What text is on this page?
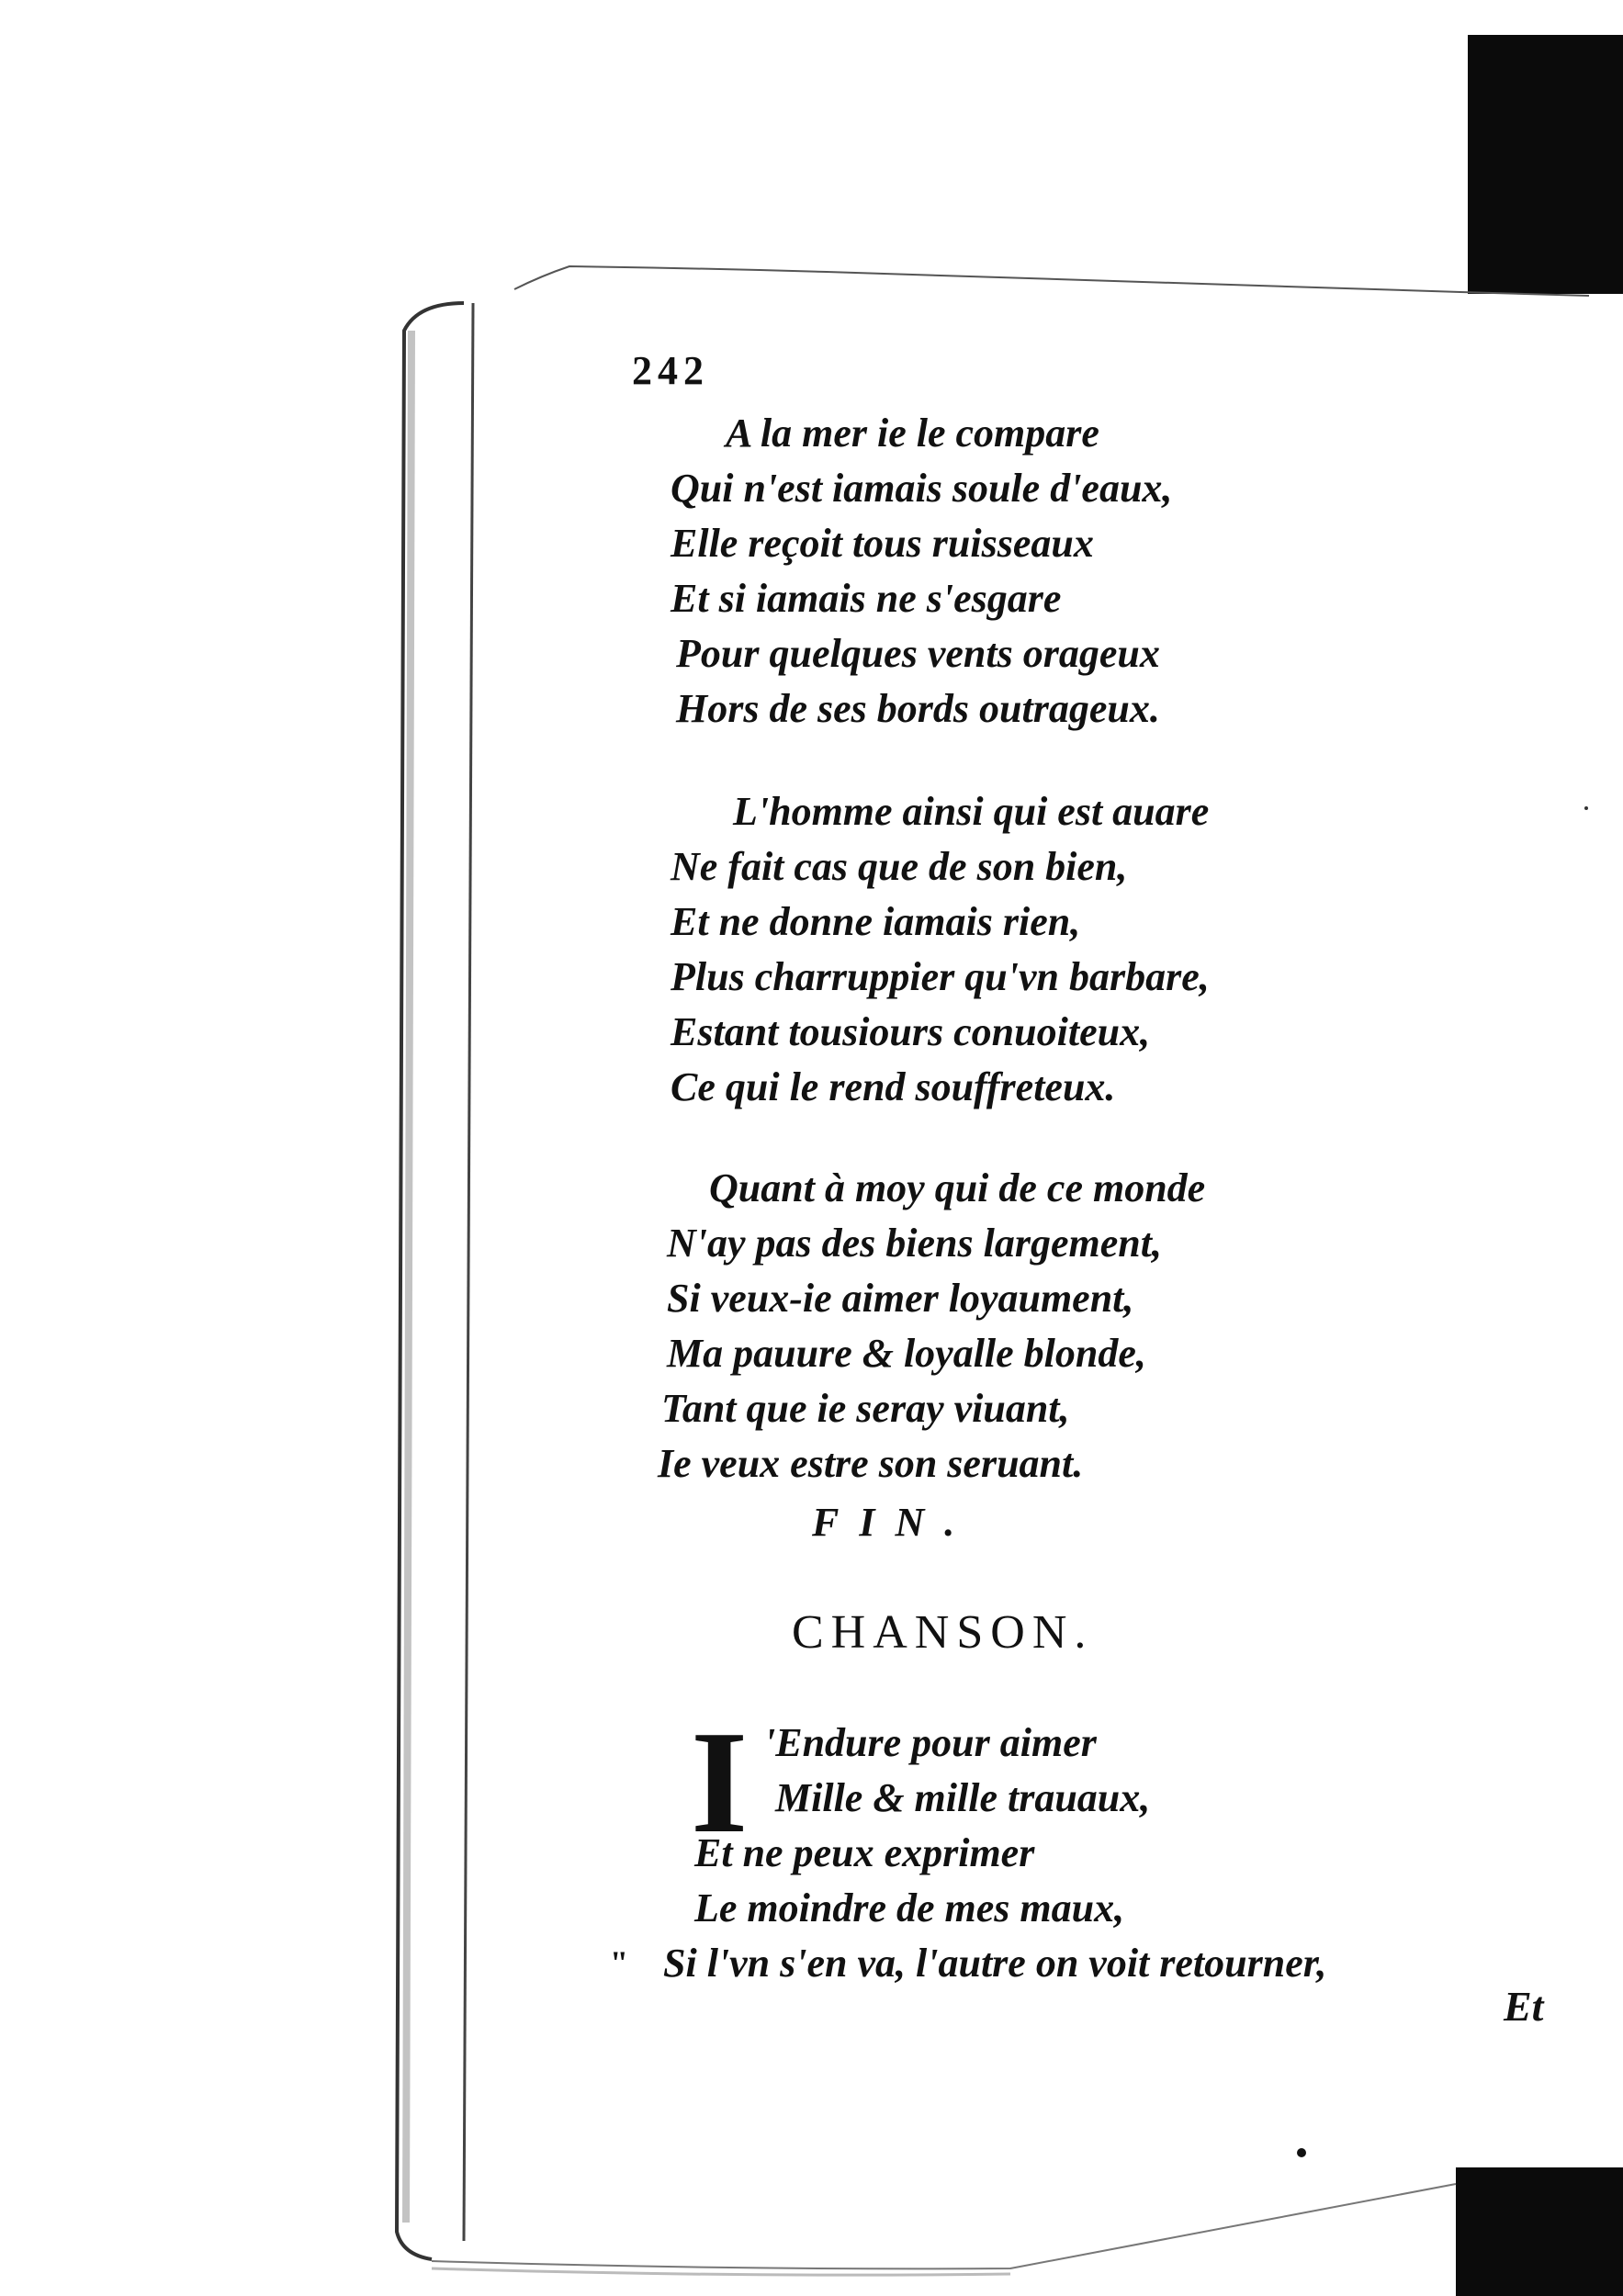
242
A la mer ie le compare
Qui n'est iamais soule d'eaux,
Elle reçoit tous ruisseaux
Et si iamais ne s'esgare
Pour quelques vents orageux
Hors de ses bords outrageux.
L'homme ainsi qui est auare
Ne fait cas que de son bien,
Et ne donne iamais rien,
Plus charruppier qu'vn barbare,
Estant tousiours conuoiteux,
Ce qui le rend souffreteux.
Quant à moy qui de ce monde
N'ay pas des biens largement,
Si veux-ie aimer loyaument,
Ma pauure & loyalle blonde,
Tant que ie seray viuant,
Ie veux estre son seruant.
FIN.
CHANSON.
I 'Endure pour aimer
Mille & mille trauaux,
Et ne peux exprimer
Le moindre de mes maux,
Si l'vn s'en va, l'autre on voit retourner,
"
Et
